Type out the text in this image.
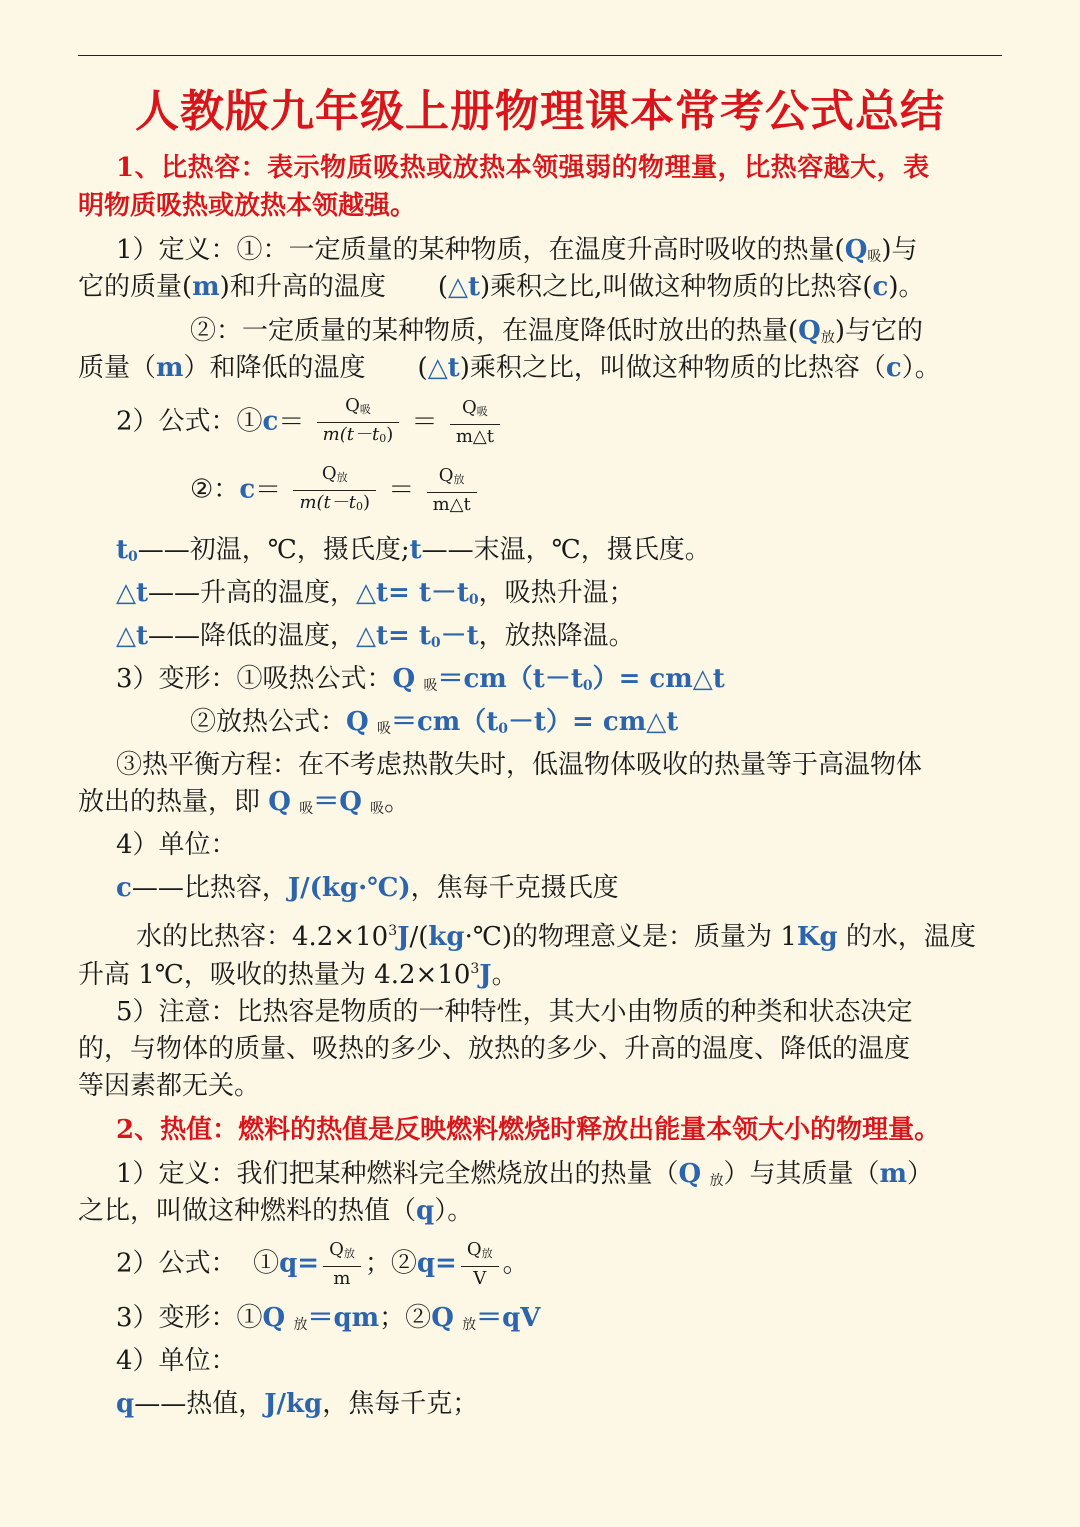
人教版九年级上册物理课本常考公式总结
1、比热容：表示物质吸热或放热本领强弱的物理量，比热容越大，表
明物质吸热或放热本领越强。
1）定义：①：一定质量的某种物质，在温度升高时吸收的热量$(Q_吸)$与
它的质量(m)和升高的温度　　(△t)乘积之比,叫做这种物质的比热容(c)。
②：一定质量的某种物质，在温度降低时放出的热量$(Q_放)$与它的
质量（m）和降低的温度　　(△t)乘积之比，叫做这种物质的比热容（c）。
2）公式：①c＝ $\frac{\text{Q吸}}{m(t-t0)} = \frac{\text{Q吸}}{m\triangle t}$
②：$c= \frac{\text{Q放}}{m(t-t0)} = \frac{\text{Q放}}{m\triangle t}$
$t_0——$初温，℃，摄氏度;t——末温，℃，摄氏度。
△t——升高的温度，△t= $t-t_0$，吸热升温；
△t——降低的温度，△t= $t_0-t$，放热降温。
3）变形：①吸热公式：Q $_吸=cm(t-t_0)=$ cm△t
②放热公式：Q $_吸=cm(t_0-t)=$ cm△t
③热平衡方程：在不考虑热散失时，低温物体吸收的热量等于高温物体
放出的热量，即 Q $_吸$＝Q $_吸$。
4）单位：
c——比热容，J/(kg·℃)，焦每千克摄氏度
水的比热容：$4.2\times 10^3J/(kg\cdot℃)$的物理意义是：质量为 1Kg 的水，温度
升高 1℃，吸收的热量为 $4.2\times 10^3J$。
5）注意：比热容是物质的一种特性，其大小由物质的种类和状态决定
的，与物体的质量、吸热的多少、放热的多少、升高的温度、降低的温度
等因素都无关。
2、热值：燃料的热值是反映燃料燃烧时释放出能量本领大小的物理量。
1）定义：我们把某种燃料完全燃烧放出的热量（Q $_放$）与其质量（m）
之比，叫做这种燃料的热值（q）。
2）公式： ①q= $\frac{\text{Q放}}{m}$ ；②q= $\frac{\text{Q放}}{V}$ 。
3）变形：①Q $_放$＝qm；②Q $_放$＝qV
4）单位：
q——热值，J/kg，焦每千克；
